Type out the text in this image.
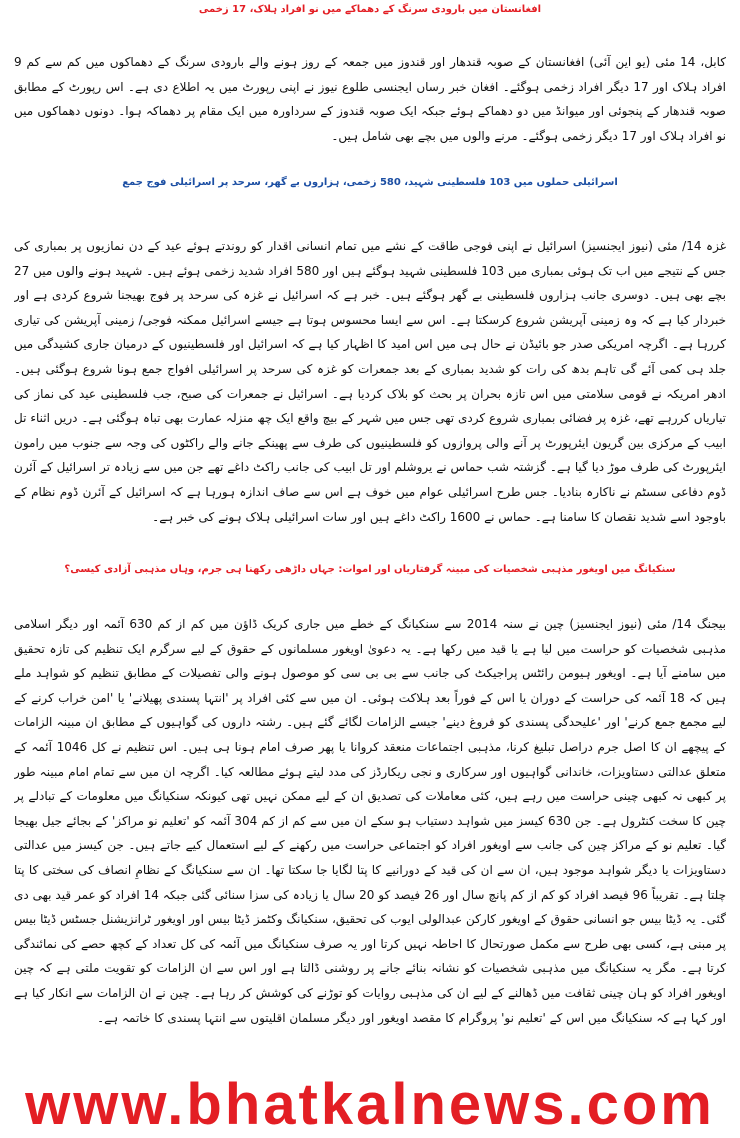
افغانستان میں بارودی سرنگ کے دھماکے میں نو افراد ہلاک، 17 زخمی
کابل، 14 مئی (یو این آئی) افغانستان کے صوبہ قندھار اور قندوز میں جمعہ کے روز ہونے والے بارودی سرنگ کے دھماکوں میں کم سے کم 9 افراد ہلاک اور 17 دیگر افراد زخمی ہوگئے۔ افغان خبر رساں ایجنسی طلوع نیوز نے اپنی رپورٹ میں یہ اطلاع دی ہے۔ اس رپورٹ کے مطابق صوبہ قندھار کے پنجوئی اور میوانڈ میں دو دھماکے ہوئے جبکہ ایک صوبہ قندوز کے سرداورہ میں ایک مقام پر دھماکہ ہوا۔ دونوں دھماکوں میں نو افراد ہلاک اور 17 دیگر زخمی ہوگئے۔ مرنے والوں میں بچے بھی شامل ہیں۔
اسرائیلی حملوں میں 103 فلسطینی شہید، 580 زخمی، ہزاروں بے گھر، سرحد پر اسرائیلی فوج جمع
غزہ 14/ مئی (نیوز ایجنسیز) اسرائیل نے اپنی فوجی طاقت کے نشے میں تمام انسانی اقدار کو روندتے ہوئے عید کے دن نمازیوں پر بمباری کی جس کے نتیجے میں اب تک ہوئی بمباری میں 103 فلسطینی شہید ہوگئے ہیں اور 580 افراد شدید زخمی ہوئے ہیں۔ شہید ہونے والوں میں 27 بچے بھی ہیں۔ دوسری جانب ہزاروں فلسطینی بے گھر ہوگئے ہیں۔ خبر ہے کہ اسرائیل نے غزہ کی سرحد پر فوج بھیجنا شروع کردی ہے اور خبردار کیا ہے کہ وہ زمینی آپریشن شروع کرسکتا ہے۔ اس سے ایسا محسوس ہوتا ہے جیسے اسرائیل ممکنہ فوجی/ زمینی آپریشن کی تیاری کررہا ہے۔ اگرچہ امریکی صدر جو بائیڈن نے حال ہی میں اس امید کا اظہار کیا ہے کہ اسرائیل اور فلسطینیوں کے درمیان جاری کشیدگی میں جلد ہی کمی آئے گی تاہم بدھ کی رات کو شدید بمباری کے بعد جمعرات کو غزہ کی سرحد پر اسرائیلی افواج جمع ہونا شروع ہوگئی ہیں۔ ادھر امریکہ نے قومی سلامتی میں اس تازہ بحران پر بحث کو بلاک کردیا ہے۔ اسرائیل نے جمعرات کی صبح، جب فلسطینی عید کی نماز کی تیاریاں کررہے تھے، غزہ پر فضائی بمباری شروع کردی تھی جس میں شہر کے بیچ واقع ایک چھ منزلہ عمارت بھی تباہ ہوگئی ہے۔ دریں اثناء تل ابیب کے مرکزی بین گریون ایئرپورٹ پر آنے والی پروازوں کو فلسطینیوں کی طرف سے پھینکے جانے والے راکٹوں کی وجہ سے جنوب میں رامون ایئرپورٹ کی طرف موڑ دیا گیا ہے۔ گزشتہ شب حماس نے یروشلم اور تل ابیب کی جانب راکٹ داغے تھے جن میں سے زیادہ تر اسرائیل کے آئرن ڈوم دفاعی سسٹم نے ناکارہ بنادیا۔ جس طرح اسرائیلی عوام میں خوف ہے اس سے صاف اندازہ ہورہا ہے کہ اسرائیل کے آئرن ڈوم نظام کے باوجود اسے شدید نقصان کا سامنا ہے۔ حماس نے 1600 راکٹ داغے ہیں اور سات اسرائیلی ہلاک ہونے کی خبر ہے۔
سنکیانگ میں اویغور مذہبی شخصیات کی مبینہ گرفتاریاں اور اموات: جہاں داڑھی رکھنا ہی جرم، وہاں مذہبی آزادی کیسی؟
بیجنگ 14/ مئی (نیوز ایجنسیز) چین نے سنہ 2014 سے سنکیانگ کے خطے میں جاری کریک ڈاؤن میں کم از کم 630 آئمہ اور دیگر اسلامی مذہبی شخصیات کو حراست میں لیا ہے یا قید میں رکھا ہے۔ یہ دعویٰ اویغور مسلمانوں کے حقوق کے لیے سرگرم ایک تنظیم کی تازہ تحقیق میں سامنے آیا ہے۔ اویغور ہیومن رائٹس پراجیکٹ کی جانب سے بی بی سی کو موصول ہونے والی تفصیلات کے مطابق تنظیم کو شواہد ملے ہیں کہ 18 آئمہ کی حراست کے دوران یا اس کے فوراً بعد ہلاکت ہوئی۔ ان میں سے کئی افراد پر 'انتہا پسندی پھیلانے' یا 'امن خراب کرنے کے لیے مجمع جمع کرنے' اور 'علیحدگی پسندی کو فروغ دینے' جیسے الزامات لگائے گئے ہیں۔ رشتہ داروں کی گواہیوں کے مطابق ان مبینہ الزامات کے پیچھے ان کا اصل جرم دراصل تبلیغ کرنا، مذہبی اجتماعات منعقد کروانا یا پھر صرف امام ہونا ہی ہیں۔ اس تنظیم نے کل 1046 آئمہ کے متعلق عدالتی دستاویزات، خاندانی گواہیوں اور سرکاری و نجی ریکارڈز کی مدد لیتے ہوئے مطالعہ کیا۔ اگرچہ ان میں سے تمام امام مبینہ طور پر کبھی نہ کبھی چینی حراست میں رہے ہیں، کئی معاملات کی تصدیق ان کے لیے ممکن نہیں تھی کیونکہ سنکیانگ میں معلومات کے تبادلے پر چین کا سخت کنٹرول ہے۔ جن 630 کیسز میں شواہد دستیاب ہو سکے ان میں سے کم از کم 304 آئمہ کو 'تعلیم نو مراکز' کے بجائے جیل بھیجا گیا۔ تعلیم نو کے مراکز چین کی جانب سے اویغور افراد کو اجتماعی حراست میں رکھنے کے لیے استعمال کیے جاتے ہیں۔ جن کیسز میں عدالتی دستاویزات یا دیگر شواہد موجود ہیں، ان سے ان کی قید کے دورانیے کا پتا لگایا جا سکتا تھا۔ ان سے سنکیانگ کے نظامِ انصاف کی سختی کا پتا چلتا ہے۔ تقریباً 96 فیصد افراد کو کم از کم پانچ سال اور 26 فیصد کو 20 سال یا زیادہ کی سزا سنائی گئی جبکہ 14 افراد کو عمر قید بھی دی گئی۔ یہ ڈیٹا بیس جو انسانی حقوق کے اویغور کارکن عبدالولی ایوب کی تحقیق، سنکیانگ وکٹمز ڈیٹا بیس اور اویغور ٹرانزیشنل جسٹس ڈیٹا بیس پر مبنی ہے، کسی بھی طرح سے مکمل صورتحال کا احاطہ نہیں کرتا اور یہ صرف سنکیانگ میں آئمہ کی کل تعداد کے کچھ حصے کی نمائندگی کرتا ہے۔ مگر یہ سنکیانگ میں مذہبی شخصیات کو نشانہ بنائے جانے پر روشنی ڈالتا ہے اور اس سے ان الزامات کو تقویت ملتی ہے کہ چین اویغور افراد کو ہان چینی ثقافت میں ڈھالنے کے لیے ان کی مذہبی روایات کو توڑنے کی کوشش کر رہا ہے۔ چین نے ان الزامات سے انکار کیا ہے اور کہا ہے کہ سنکیانگ میں اس کے 'تعلیم نو' پروگرام کا مقصد اویغور اور دیگر مسلمان اقلیتوں سے انتہا پسندی کا خاتمہ ہے۔
www.bhatkalnews.com
